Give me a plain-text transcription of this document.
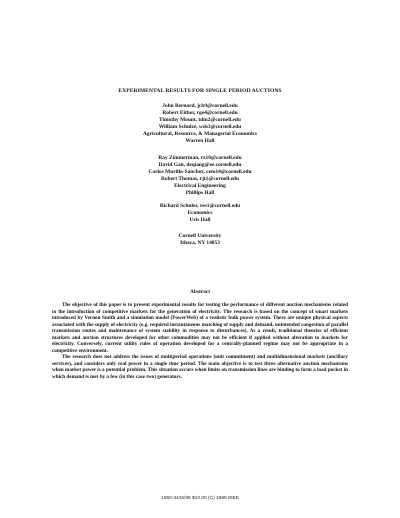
EXPERIMENTAL RESULTS FOR SINGLE PERIOD AUCTIONS
John Bernard, jcb9@cornell.edu
Robert Either, rge4@cornell.edu
Timothy Mount, tdm2@cornell.edu
William Schulze, wds3@cornell.edu
Agricultural, Resource, & Managerial Economics
Warren Hall
Ray Zimmerman, rz10@cornell.edu
David Gan, deqiang@ee.cornell.edu
Carlos Murillo-Sánchez, cem14@cornell.edu
Robert Thomas, rjt1@cornell.edu
Electrical Engineering
Phillips Hall
Richard Schuler, res1@cornell.edu
Economics
Uris Hall
Cornell University
Ithaca, NY 14853
Abstract

The objective of this paper is to present experimental results for testing the performance of different auction mechanisms related to the introduction of competitive markets for the generation of electricity. The research is based on the concept of smart markets introduced by Vernon Smith and a simulation model (PowerWeb) of a realistic bulk power system. There are unique physical aspects associated with the supply of electricity (e.g. required instantaneous matching of supply and demand, unintended congestion of parallel transmission routes and maintenance of system stability in response to disturbances). As a result, traditional theories of efficient markets and auction structures developed for other commodities may not be efficient if applied without alteration to markets for electricity. Conversely, current utility rules of operation developed for a centrally-planned regime may not be appropriate in a competitive environment.

The research does not address the issues of multiperiod operations (unit commitment) and multidimensional markets (ancillary services), and considers only real power in a single time period. The main objective is to test three alternative auction mechanisms when market power is a potential problem. This situation occurs when limits on transmission lines are binding to form a load pocket in which demand is met by a few (in this case two) generators.

1060-3425/98 $10.00 (C) 1998 IEEE
